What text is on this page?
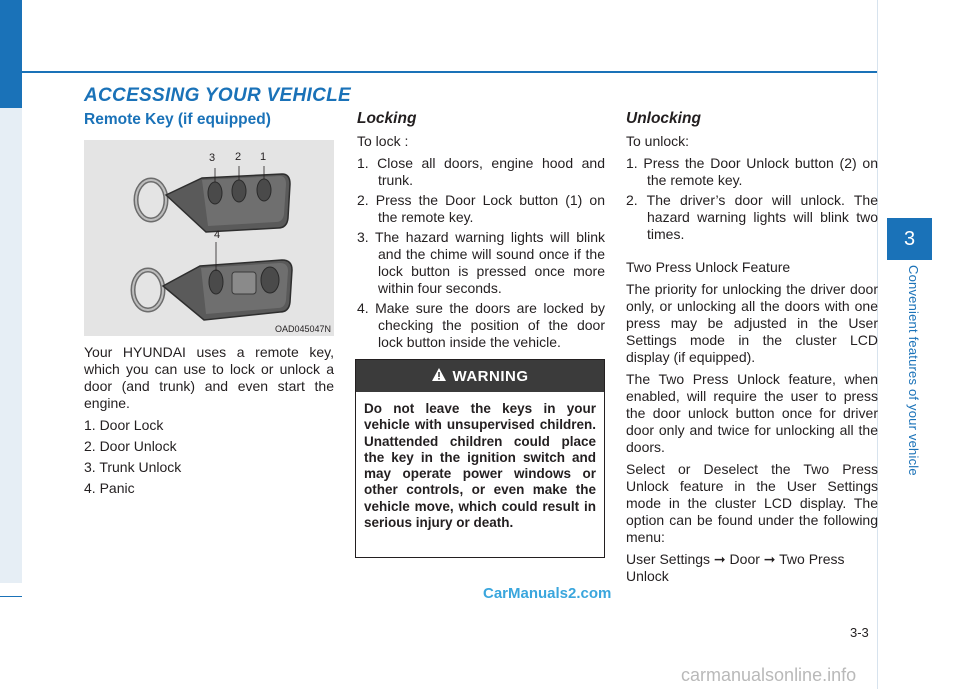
ACCESSING YOUR VEHICLE
Remote Key (if equipped)
3 2 1
4
OAD045047N

Your HYUNDAI uses a remote key, which you can use to lock or unlock a door (and trunk) and even start the engine.

1. Door Lock

2. Door Unlock

3. Trunk Unlock

4. Panic

Locking

To lock :

1. Close all doors, engine hood and trunk.

2. Press the Door Lock button (1) on the remote key.

3. The hazard warning lights will blink and the chime will sound once if the lock button is pressed once more within four seconds.

4. Make sure the doors are locked by checking the position of the door lock button inside the vehicle.

WARNING
Do not leave the keys in your vehicle with unsupervised children. Unattended children could place the key in the ignition switch and may operate power windows or other controls, or even make the vehicle move, which could result in serious injury or death.
Unlocking

To unlock:

1. Press the Door Unlock button (2) on the remote key.

2. The driver’s door will unlock. The hazard warning lights will blink two times.

Two Press Unlock Feature

The priority for unlocking the driver door only, or unlocking all the doors with one press may be adjusted in the User Settings mode in the cluster LCD display (if equipped).

The Two Press Unlock feature, when enabled, will require the user to press the door unlock button once for driver door only and twice for unlocking all the doors.

Select or Deselect the Two Press Unlock feature in the User Settings mode in the cluster LCD display. The option can be found under the following menu:

User Settings ➞ Door ➞ Two Press Unlock

3
Convenient features of your vehicle
CarManuals2.com
3-3
carmanualsonline.info
